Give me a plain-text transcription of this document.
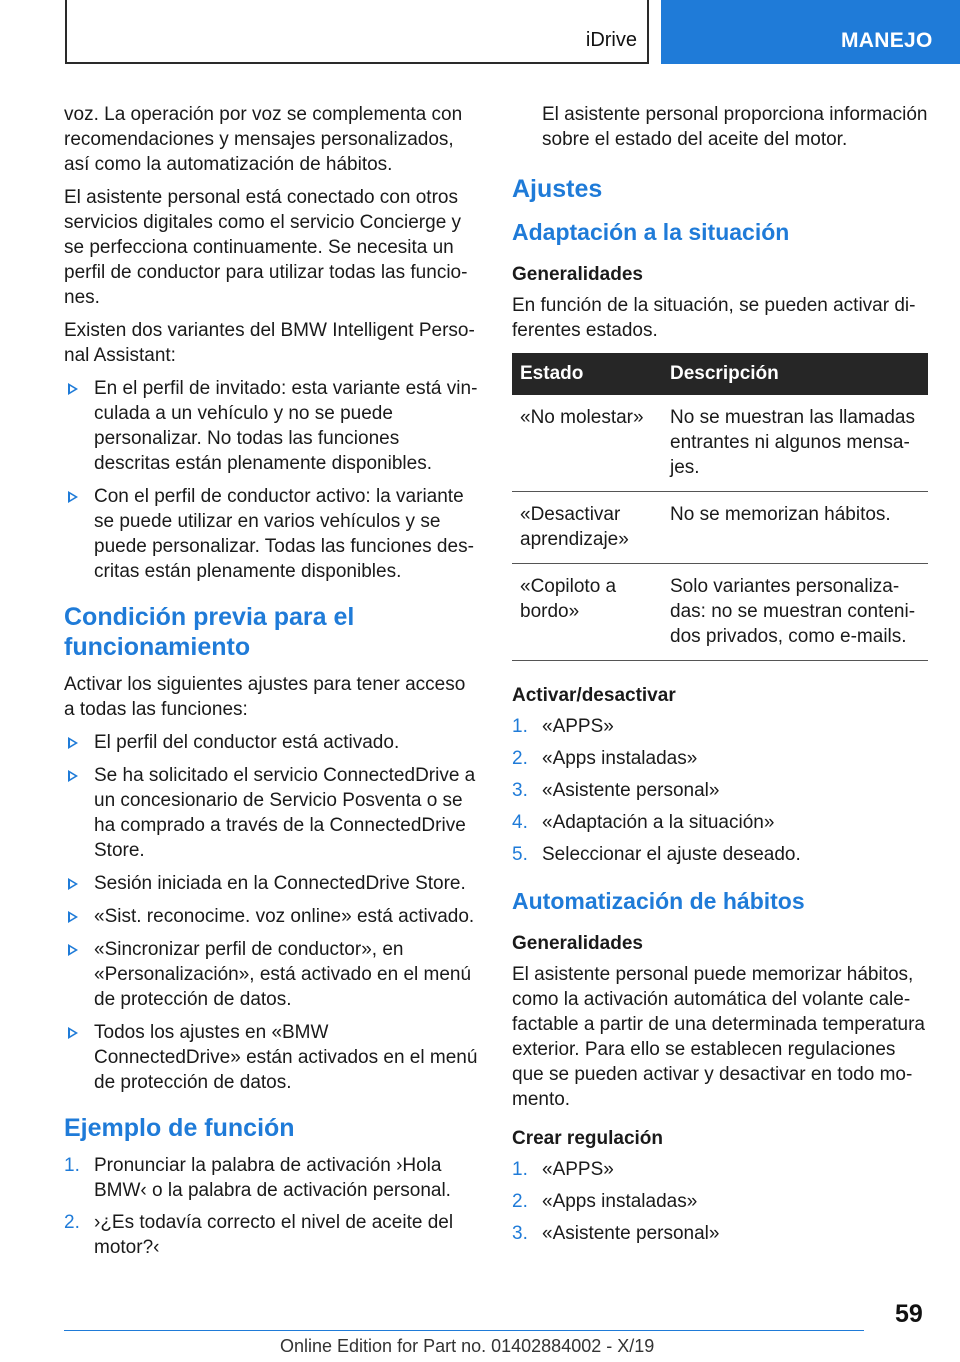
iDrive	MANEJO

voz. La operación por voz se complementa con recomendaciones y mensajes personalizados, así como la automatización de hábitos.

El asistente personal está conectado con otros servicios digitales como el servicio Concierge y se perfecciona continuamente. Se necesita un perfil de conductor para utilizar todas las funciones.

Existen dos variantes del BMW Intelligent Personal Assistant:

En el perfil de invitado: esta variante está vinculada a un vehículo y no se puede personalizar. No todas las funciones descritas están plenamente disponibles.
Con el perfil de conductor activo: la variante se puede utilizar en varios vehículos y se puede personalizar. Todas las funciones descritas están plenamente disponibles.
Condición previa para el funcionamiento

Activar los siguientes ajustes para tener acceso a todas las funciones:

El perfil del conductor está activado.
Se ha solicitado el servicio ConnectedDrive a un concesionario de Servicio Posventa o se ha comprado a través de la ConnectedDrive Store.
Sesión iniciada en la ConnectedDrive Store.
«Sist. reconocime. voz online» está activado.
«Sincronizar perfil de conductor», en «Personalización», está activado en el menú de protección de datos.
Todos los ajustes en «BMW ConnectedDrive» están activados en el menú de protección de datos.
Ejemplo de función
1. Pronunciar la palabra de activación ›Hola BMW‹ o la palabra de activación personal.
2. ›¿Es todavía correcto el nivel de aceite del motor?‹

El asistente personal proporciona información sobre el estado del aceite del motor.

Ajustes
Adaptación a la situación
Generalidades

En función de la situación, se pueden activar diferentes estados.

Estado	Descripción
«No molestar»	No se muestran las llamadas entrantes ni algunos mensajes.
«Desactivar aprendizaje»	No se memorizan hábitos.
«Copiloto a bordo»	Solo variantes personalizadas: no se muestran contenidos privados, como e-mails.
Activar/desactivar
1. «APPS»
2. «Apps instaladas»
3. «Asistente personal»
4. «Adaptación a la situación»
5. Seleccionar el ajuste deseado.
Automatización de hábitos
Generalidades

El asistente personal puede memorizar hábitos, como la activación automática del volante calefactable a partir de una determinada temperatura exterior. Para ello se establecen regulaciones que se pueden activar y desactivar en todo momento.

Crear regulación
1. «APPS»
2. «Apps instaladas»
3. «Asistente personal»
59
Online Edition for Part no. 01402884002 - X/19
